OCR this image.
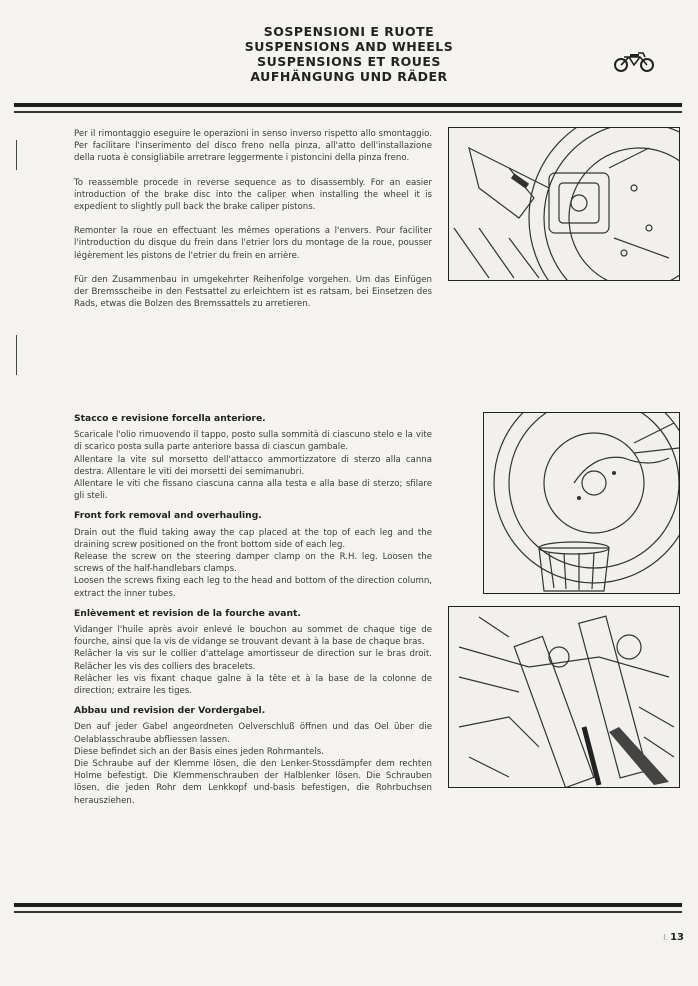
SOSPENSIONI E RUOTE
SUSPENSIONS AND WHEELS
SUSPENSIONS ET ROUES
AUFHÄNGUNG UND RÄDER

Per il rimontaggio eseguire le operazioni in senso inverso rispetto allo smontaggio. Per facilitare l'inserimento del disco freno nella pinza, all'atto dell'installazione della ruota è consigliabile arretrare leggermente i pistoncini della pinza freno.

To reassemble procede in reverse sequence as to disassembly. For an easier introduction of the brake disc into the caliper when installing the wheel it is expedient to slightly pull back the brake caliper pistons.

Remonter la roue en effectuant les mêmes operations a l'envers. Pour faciliter l'introduction du disque du frein dans l'etrier lors du montage de la roue, pousser légèrement les pistons de l'etrier du frein en arrière.

Für den Zusammenbau in umgekehrter Reihenfolge vorgehen. Um das Einfügen der Bremsscheibe in den Festsattel zu erleichtern ist es ratsam, bei Einsetzen des Rads, etwas die Bolzen des Bremssattels zu arretieren.

Stacco e revisione forcella anteriore.

Scaricale l'olio rimuovendo il tappo, posto sulla sommità di ciascuno stelo e la vite di scarico posta sulla parte anteriore bassa di ciascun gambale.
Allentare la vite sul morsetto dell'attacco ammortizzatore di sterzo alla canna destra. Allentare le viti dei morsetti dei semimanubri.
Allentare le viti che fissano ciascuna canna alla testa e alla base di sterzo; sfilare gli steli.

Front fork removal and overhauling.

Drain out the fluid taking away the cap placed at the top of each leg and the draining screw positioned on the front bottom side of each leg.
Release the screw on the steering damper clamp on the R.H. leg. Loosen the screws of the half-handlebars clamps.
Loosen the screws fixing each leg to the head and bottom of the direction column, extract the inner tubes.

Enlèvement et revision de la fourche avant.

Vidanger l'huile après avoir enlevé le bouchon au sommet de chaque tige de fourche, ainsi que la vis de vidange se trouvant devant à la base de chaque bras.
Relâcher la vis sur le collier d'attelage amortisseur de direction sur le bras droit. Relâcher les vis des colliers des bracelets.
Relâcher les vis fixant chaque gaîne à la tête et à la base de la colonne de direction; extraire les tiges.

Abbau und revision der Vordergabel.

Den auf jeder Gabel angeordneten Oelverschluß öffnen und das Oel über die Oelablasschraube abfliessen lassen.
Diese befindet sich an der Basis eines jeden Rohrmantels.
Die Schraube auf der Klemme lösen, die den Lenker-Stossdämpfer dem rechten Holme befestigt. Die Klemmenschrauben der Halblenker lösen. Die Schrauben lösen, die jeden Rohr dem Lenkkopf und-basis befestigen, die Rohrbuchsen herausziehen.

I. 13
